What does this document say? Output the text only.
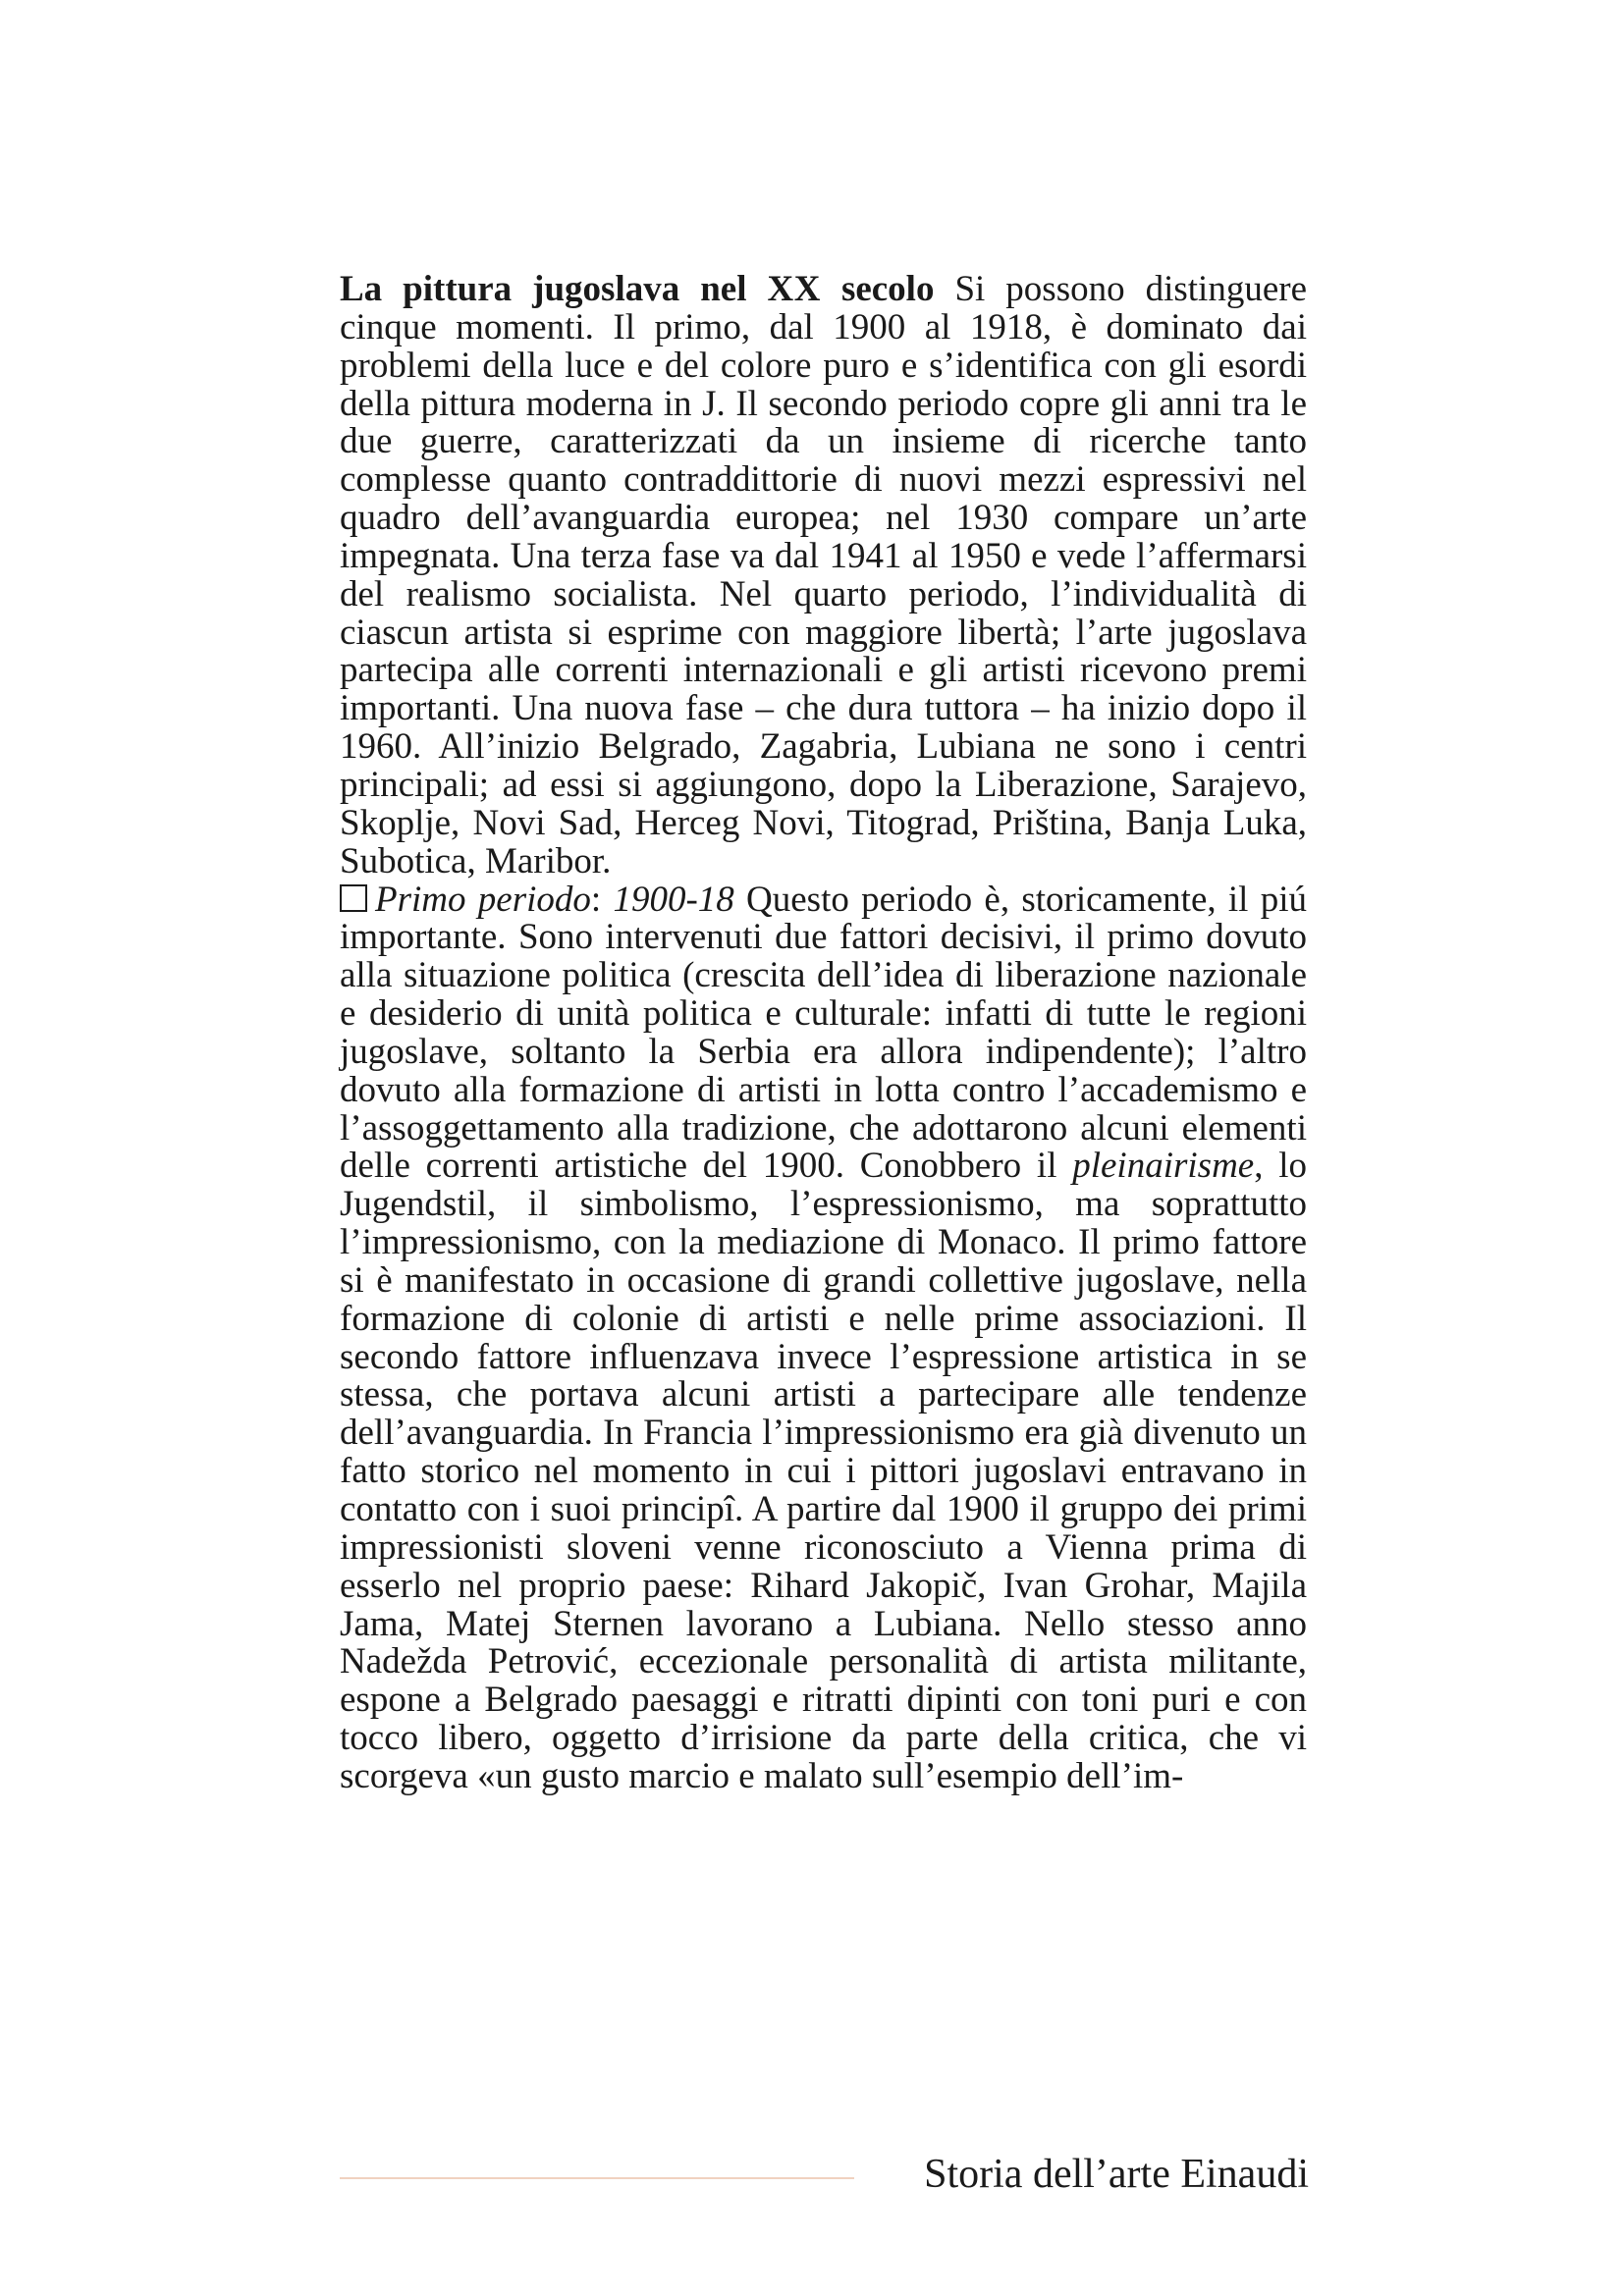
La pittura jugoslava nel XX secolo Si possono distinguere cinque momenti. Il primo, dal 1900 al 1918, è dominato dai problemi della luce e del colore puro e s’identifica con gli esordi della pittura moderna in J. Il secondo periodo copre gli anni tra le due guerre, caratterizzati da un insieme di ricerche tanto complesse quanto contraddittorie di nuovi mezzi espressivi nel quadro dell’avanguardia europea; nel 1930 compare un’arte impegnata. Una terza fase va dal 1941 al 1950 e vede l’affermarsi del realismo socialista. Nel quarto periodo, l’individualità di ciascun artista si esprime con maggiore libertà; l’arte jugoslava partecipa alle correnti internazionali e gli artisti ricevono premi importanti. Una nuova fase – che dura tuttora – ha inizio dopo il 1960. All’inizio Belgrado, Zagabria, Lubiana ne sono i centri principali; ad essi si aggiungono, dopo la Liberazione, Sarajevo, Skoplje, Novi Sad, Herceg Novi, Titograd, Priština, Banja Luka, Subotica, Maribor.

Primo periodo: 1900-18 Questo periodo è, storicamente, il piú importante. Sono intervenuti due fattori decisivi, il primo dovuto alla situazione politica (crescita dell’idea di liberazione nazionale e desiderio di unità politica e culturale: infatti di tutte le regioni jugoslave, soltanto la Serbia era allora indipendente); l’altro dovuto alla formazione di artisti in lotta contro l’accademismo e l’assoggettamento alla tradizione, che adottarono alcuni elementi delle correnti artistiche del 1900. Conobbero il pleinairisme, lo Jugendstil, il simbolismo, l’espressionismo, ma soprattutto l’impressionismo, con la mediazione di Monaco. Il primo fattore si è manifestato in occasione di grandi collettive jugoslave, nella formazione di colonie di artisti e nelle prime associazioni. Il secondo fattore influenzava invece l’espressione artistica in se stessa, che portava alcuni artisti a partecipare alle tendenze dell’avanguardia. In Francia l’impressionismo era già divenuto un fatto storico nel momento in cui i pittori jugoslavi entravano in contatto con i suoi principî. A partire dal 1900 il gruppo dei primi impressionisti sloveni venne riconosciuto a Vienna prima di esserlo nel proprio paese: Rihard Jakopič, Ivan Grohar, Majila Jama, Matej Sternen lavorano a Lubiana. Nello stesso anno Nadežda Petrović, eccezionale personalità di artista militante, espone a Belgrado paesaggi e ritratti dipinti con toni puri e con tocco libero, oggetto d’irrisione da parte della critica, che vi scorgeva «un gusto marcio e malato sull’esempio dell’im-

Storia dell’arte Einaudi
